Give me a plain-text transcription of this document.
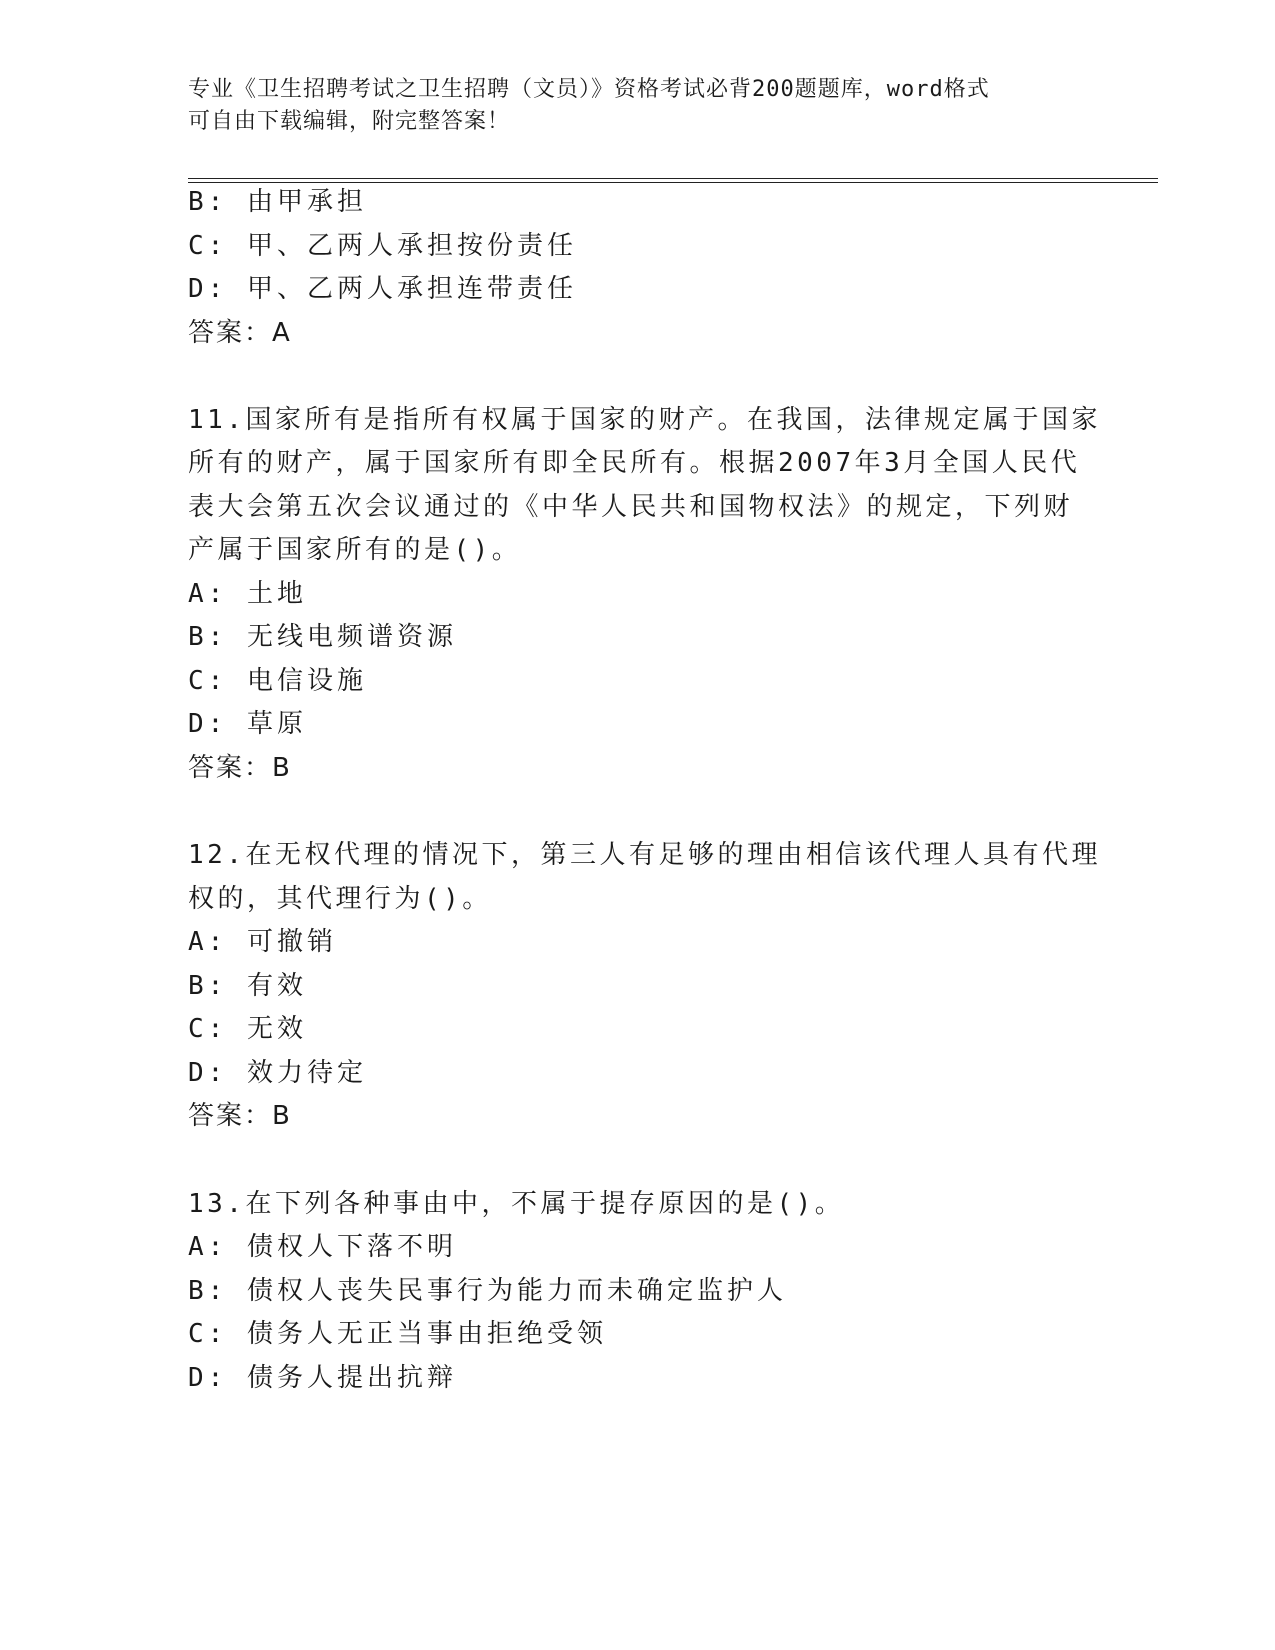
专业《卫生招聘考试之卫生招聘（文员）》资格考试必背200题题库，word格式
可自由下载编辑，附完整答案！
B: 由甲承担
C: 甲、乙两人承担按份责任
D: 甲、乙两人承担连带责任
答案：A
11.国家所有是指所有权属于国家的财产。在我国，法律规定属于国家
所有的财产，属于国家所有即全民所有。根据2007年3月全国人民代
表大会第五次会议通过的《中华人民共和国物权法》的规定，下列财
产属于国家所有的是()。
A: 土地
B: 无线电频谱资源
C: 电信设施
D: 草原
答案：B
12.在无权代理的情况下，第三人有足够的理由相信该代理人具有代理
权的，其代理行为()。
A: 可撤销
B: 有效
C: 无效
D: 效力待定
答案：B
13.在下列各种事由中，不属于提存原因的是()。
A: 债权人下落不明
B: 债权人丧失民事行为能力而未确定监护人
C: 债务人无正当事由拒绝受领
D: 债务人提出抗辩
